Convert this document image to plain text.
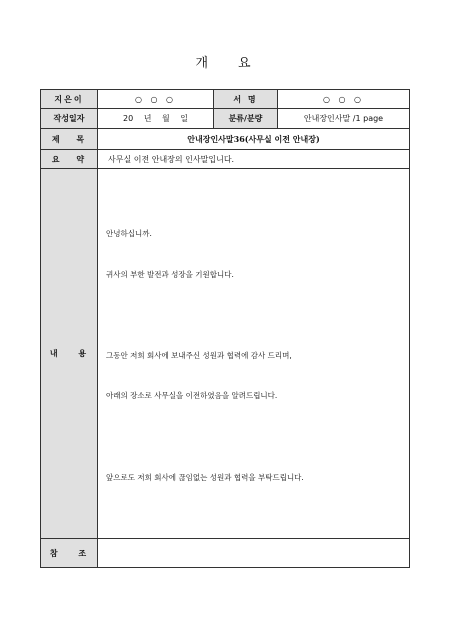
개 요
지은이	○ ○ ○	서 명	○ ○ ○
작성일자	20 년 월 일	분류/분량	안내장인사말 /1 page
제 목	안내장인사말36(사무실 이전 안내장)		
요 약	사무실 이전 안내장의 인사말입니다.		
내 용	안녕하십니까.

귀사의 부한 발전과 성장을 기원합니다.

그동안 저희 회사에 보내주신 성원과 협력에 감사 드리며,

아래의 장소로 사무실을 이전하였음을 알려드립니다.

앞으로도 저희 회사에 끊임없는 성원과 협력을 부탁드립니다.		

참 조			
